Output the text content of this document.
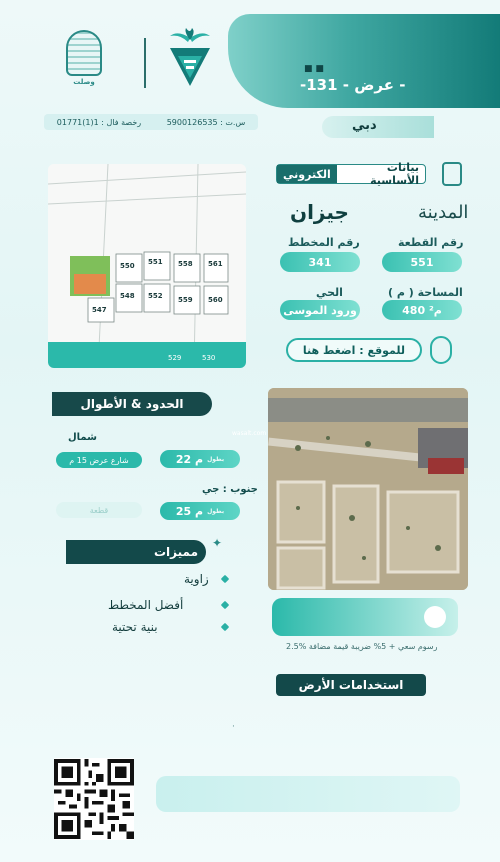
وصلت
■ ■
-عرض - 131 -
دبي
س.ت : 5900126535
رخصة فال : 1(1)01771
550 551 558 561
548 552 559 560
547
529	530
بيانات الأساسية
الكتروني
المدينة
جيزان
رقم القطعة
551
رقم المخطط
341
المساحة ( م )
480 م²
الحي
ورود الموسى
للموقع : اضغط هنا
الحدود & الأطوال
شمال
22 م بطول
شارع عرض 15 م
جنوب : جي
25 م بطول
قطعة
wasalt.com
مميزات
✦
زاوية
أفضل المخطط
بنية تحتية
2.5% رسوم سعي + 5% ضريبة قيمة مضافة
استخدامات الأرض
·
